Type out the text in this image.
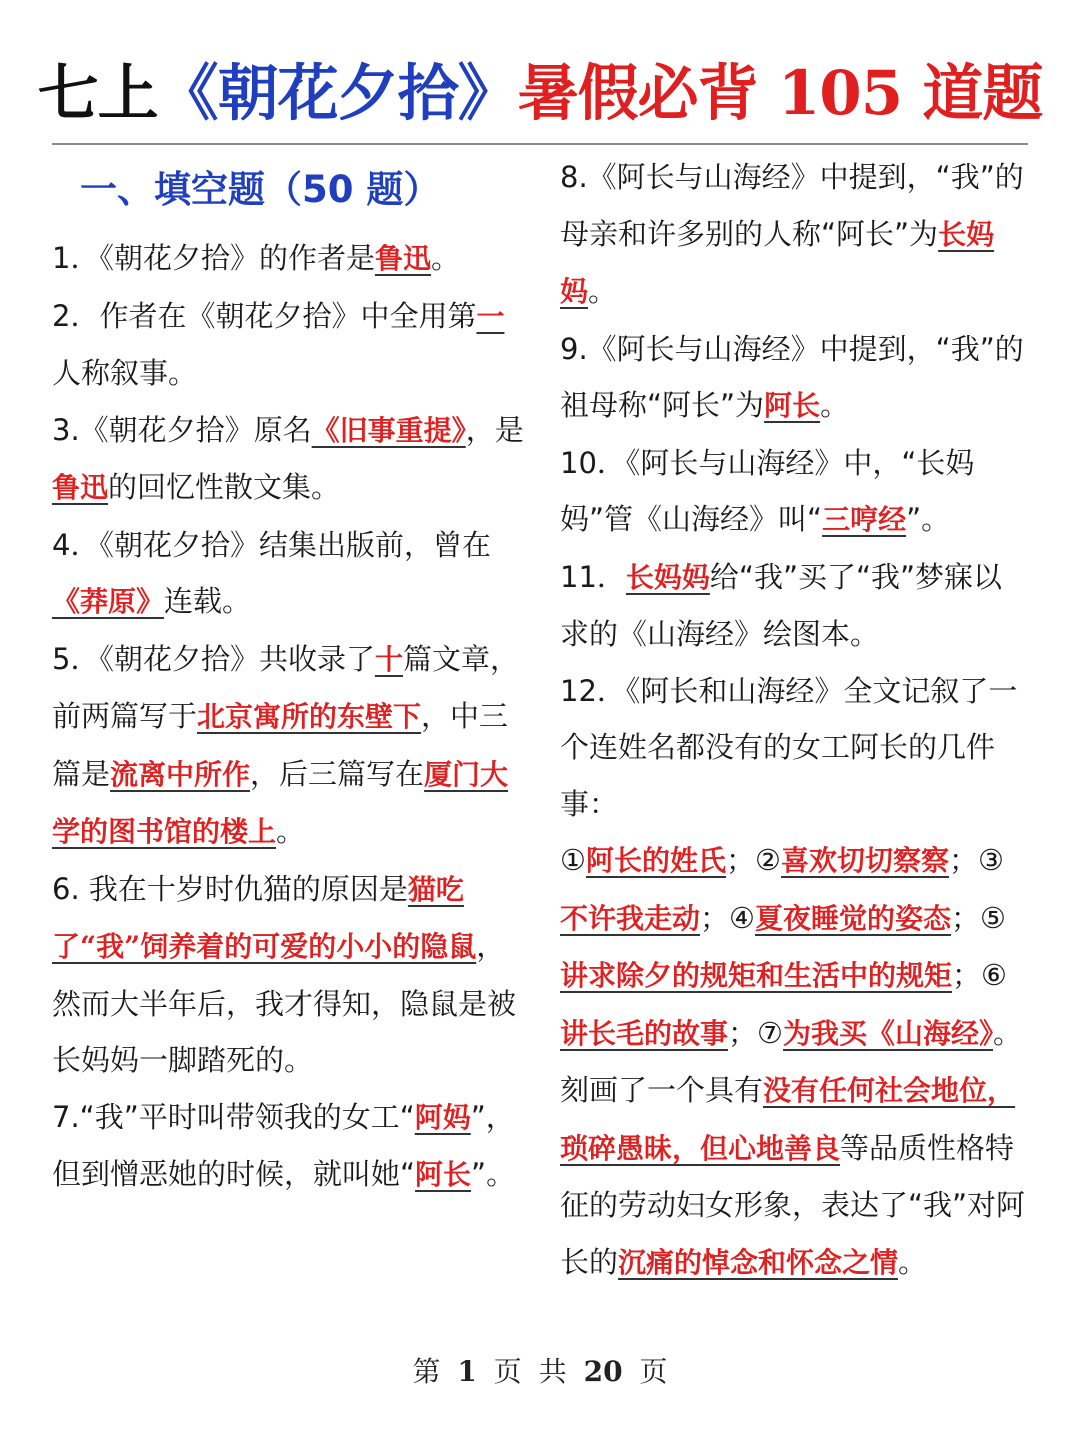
七上《朝花夕拾》暑假必背 105 道题
一、填空题（50 题）

1．《朝花夕拾》的作者是鲁迅。

2．作者在《朝花夕拾》中全用第一人称叙事。

3.《朝花夕拾》原名《旧事重提》，是鲁迅的回忆性散文集。

4．《朝花夕拾》结集出版前，曾在《莽原》连载。

5．《朝花夕拾》共收录了十篇文章，前两篇写于北京寓所的东壁下，中三篇是流离中所作，后三篇写在厦门大学的图书馆的楼上。

6. 我在十岁时仇猫的原因是猫吃了“我”饲养着的可爱的小小的隐鼠，然而大半年后，我才得知，隐鼠是被长妈妈一脚踏死的。

7.“我”平时叫带领我的女工“阿妈”，但到憎恶她的时候，就叫她“阿长”。

8.《阿长与山海经》中提到，“我”的母亲和许多别的人称“阿长”为长妈妈。

9.《阿长与山海经》中提到，“我”的祖母称“阿长”为阿长。

10．《阿长与山海经》中，“长妈妈”管《山海经》叫“三哼经”。

11．长妈妈给“我”买了“我”梦寐以求的《山海经》绘图本。

12．《阿长和山海经》全文记叙了一个连姓名都没有的女工阿长的几件事：

①阿长的姓氏；②喜欢切切察察；③不许我走动；④夏夜睡觉的姿态；⑤讲求除夕的规矩和生活中的规矩；⑥讲长毛的故事；⑦为我买《山海经》。刻画了一个具有没有任何社会地位，琐碎愚昧，但心地善良等品质性格特征的劳动妇女形象，表达了“我”对阿长的沉痛的悼念和怀念之情。

第 1 页 共 20 页
